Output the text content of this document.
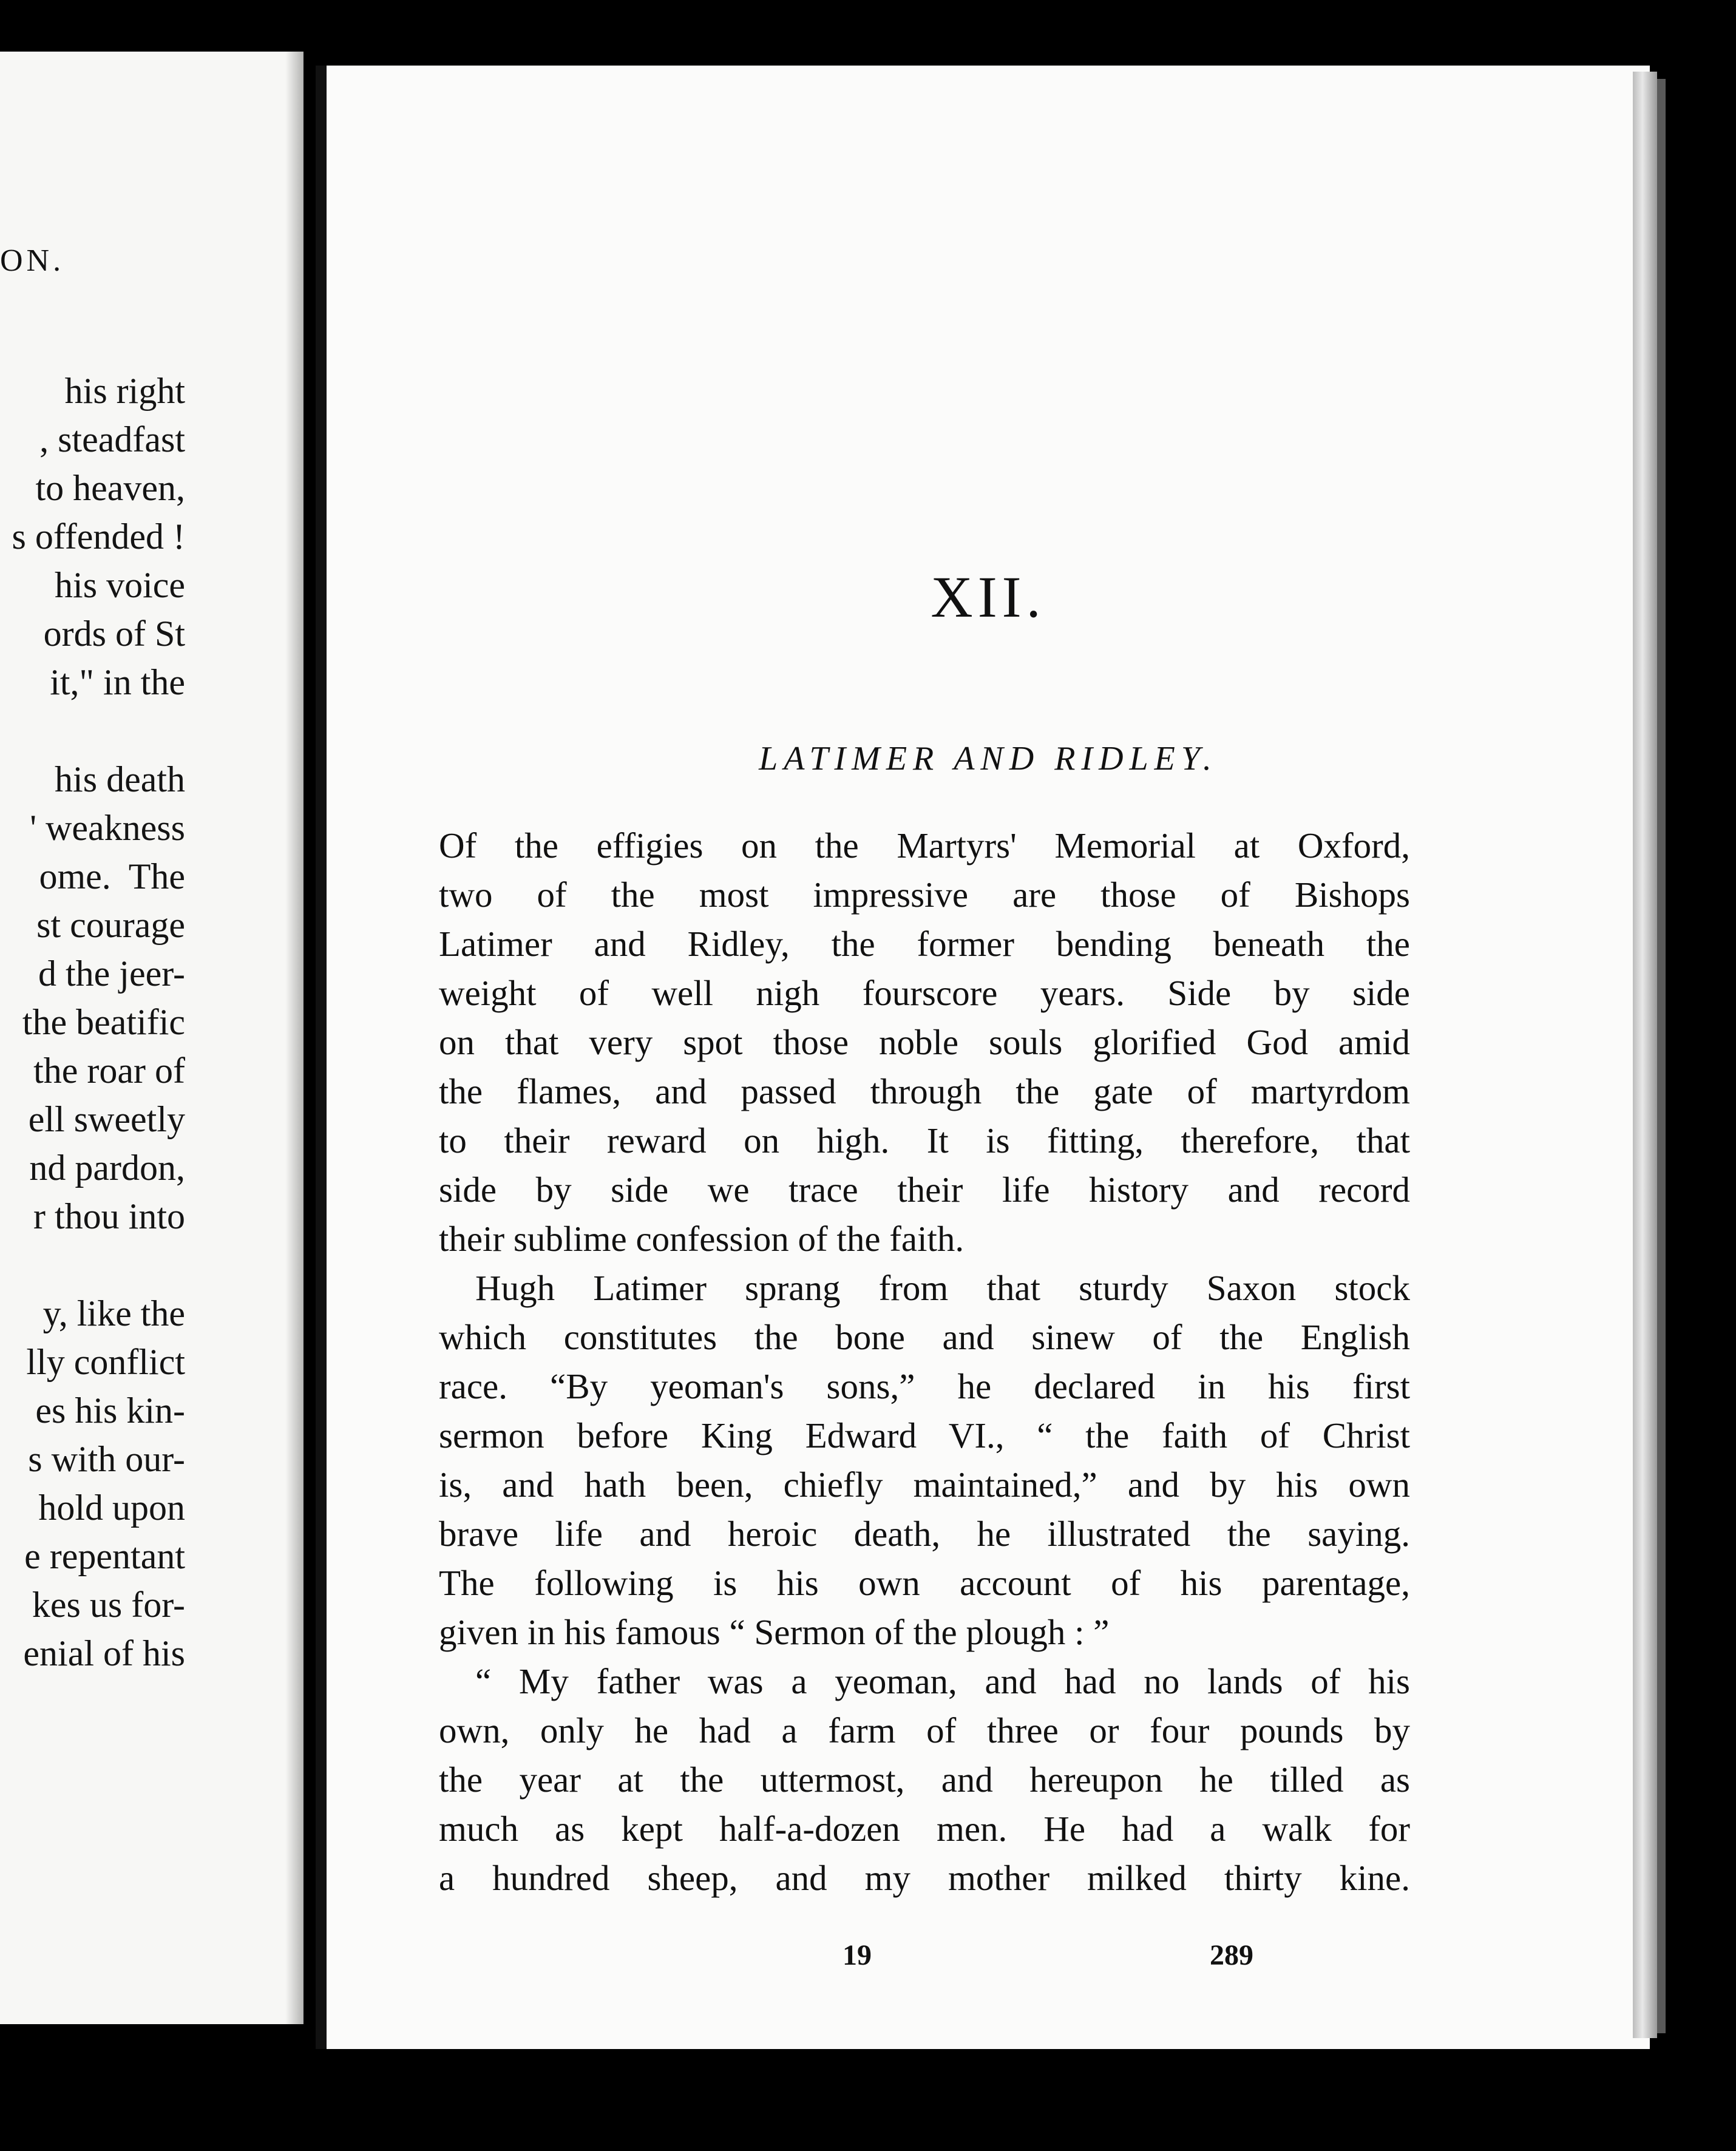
ON.
his right
, steadfast
to heaven,
s offended !
his voice
ords of St
it," in the
his death
' weakness
ome.  The
st courage
d the jeer-
the beatific
the roar of
ell sweetly
nd pardon,
r thou into
y, like the
lly conflict
es his kin-
s with our-
hold upon
e repentant
kes us for-
enial of his
XII.
LATIMER AND RIDLEY.
Of the effigies on the Martyrs' Memorial at Oxford,
two of the most impressive are those of Bishops
Latimer and Ridley, the former bending beneath the
weight of well nigh fourscore years. Side by side
on that very spot those noble souls glorified God amid
the flames, and passed through the gate of martyrdom
to their reward on high. It is fitting, therefore, that
side by side we trace their life history and record
their sublime confession of the faith.
Hugh Latimer sprang from that sturdy Saxon stock
which constitutes the bone and sinew of the English
race. “By yeoman's sons,” he declared in his first
sermon before King Edward VI., “ the faith of Christ
is, and hath been, chiefly maintained,” and by his own
brave life and heroic death, he illustrated the saying.
The following is his own account of his parentage,
given in his famous “ Sermon of the plough : ”
“ My father was a yeoman, and had no lands of his
own, only he had a farm of three or four pounds by
the year at the uttermost, and hereupon he tilled as
much as kept half-a-dozen men. He had a walk for
a hundred sheep, and my mother milked thirty kine.
19	289
